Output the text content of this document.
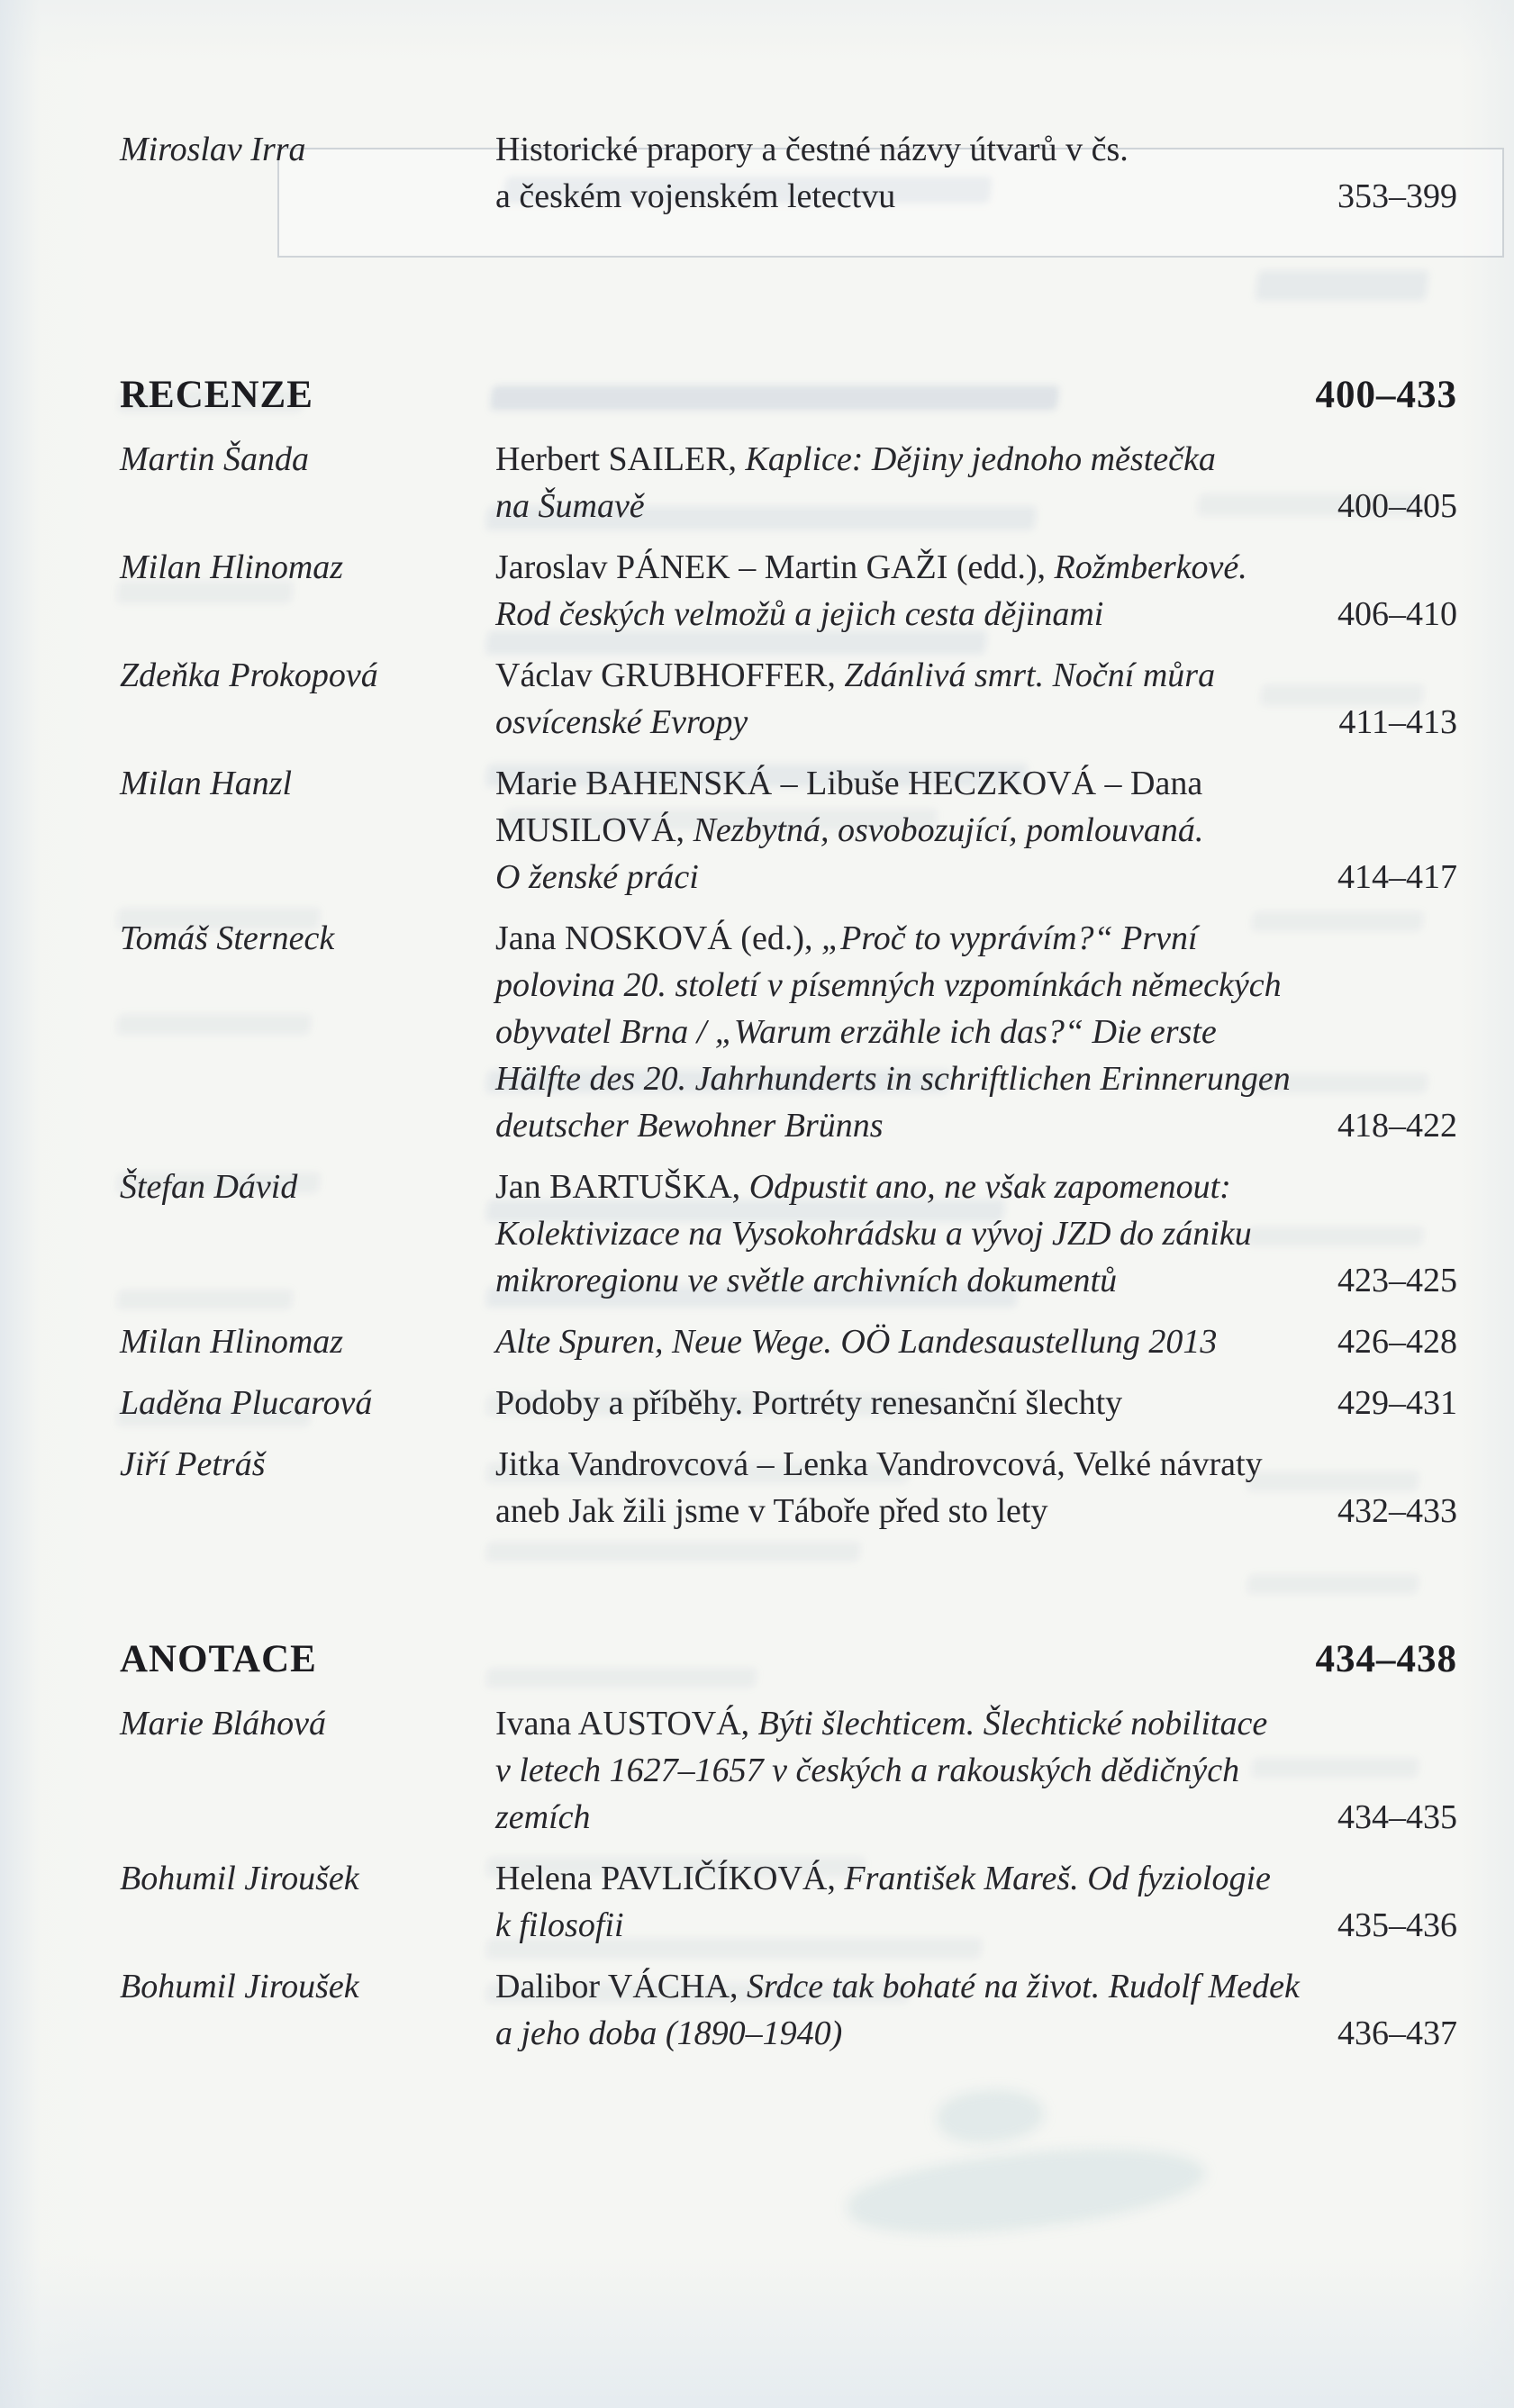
Miroslav Irra	Historické prapory a čestné názvy útvarů v čs.
a českém vojenském letectvu	353–399
RECENZE	400–433
Martin Šanda	Herbert SAILER, Kaplice: Dějiny jednoho městečka
na Šumavě	400–405
Milan Hlinomaz	Jaroslav PÁNEK – Martin GAŽI (edd.), Rožmberkové.
Rod českých velmožů a jejich cesta dějinami	406–410
Zdeňka Prokopová	Václav GRUBHOFFER, Zdánlivá smrt. Noční můra
osvícenské Evropy	411–413
Milan Hanzl	Marie BAHENSKÁ – Libuše HECZKOVÁ – Dana
MUSILOVÁ, Nezbytná, osvobozující, pomlouvaná.
O ženské práci	414–417
Tomáš Sterneck	Jana NOSKOVÁ (ed.), „Proč to vyprávím?“ První
polovina 20. století v písemných vzpomínkách německých
obyvatel Brna / „Warum erzähle ich das?“ Die erste
Hälfte des 20. Jahrhunderts in schriftlichen Erinnerungen
deutscher Bewohner Brünns	418–422
Štefan Dávid	Jan BARTUŠKA, Odpustit ano, ne však zapomenout:
Kolektivizace na Vysokohrádsku a vývoj JZD do zániku
mikroregionu ve světle archivních dokumentů	423–425
Milan Hlinomaz	Alte Spuren, Neue Wege. OÖ Landesaustellung 2013	426–428
Laděna Plucarová	Podoby a příběhy. Portréty renesanční šlechty	429–431
Jiří Petráš	Jitka Vandrovcová – Lenka Vandrovcová, Velké návraty
aneb Jak žili jsme v Táboře před sto lety	432–433
ANOTACE	434–438
Marie Bláhová	Ivana AUSTOVÁ, Býti šlechticem. Šlechtické nobilitace
v letech 1627–1657 v českých a rakouských dědičných
zemích	434–435
Bohumil Jiroušek	Helena PAVLIČÍKOVÁ, František Mareš. Od fyziologie
k filosofii	435–436
Bohumil Jiroušek	Dalibor VÁCHA, Srdce tak bohaté na život. Rudolf Medek
a jeho doba (1890–1940)	436–437
